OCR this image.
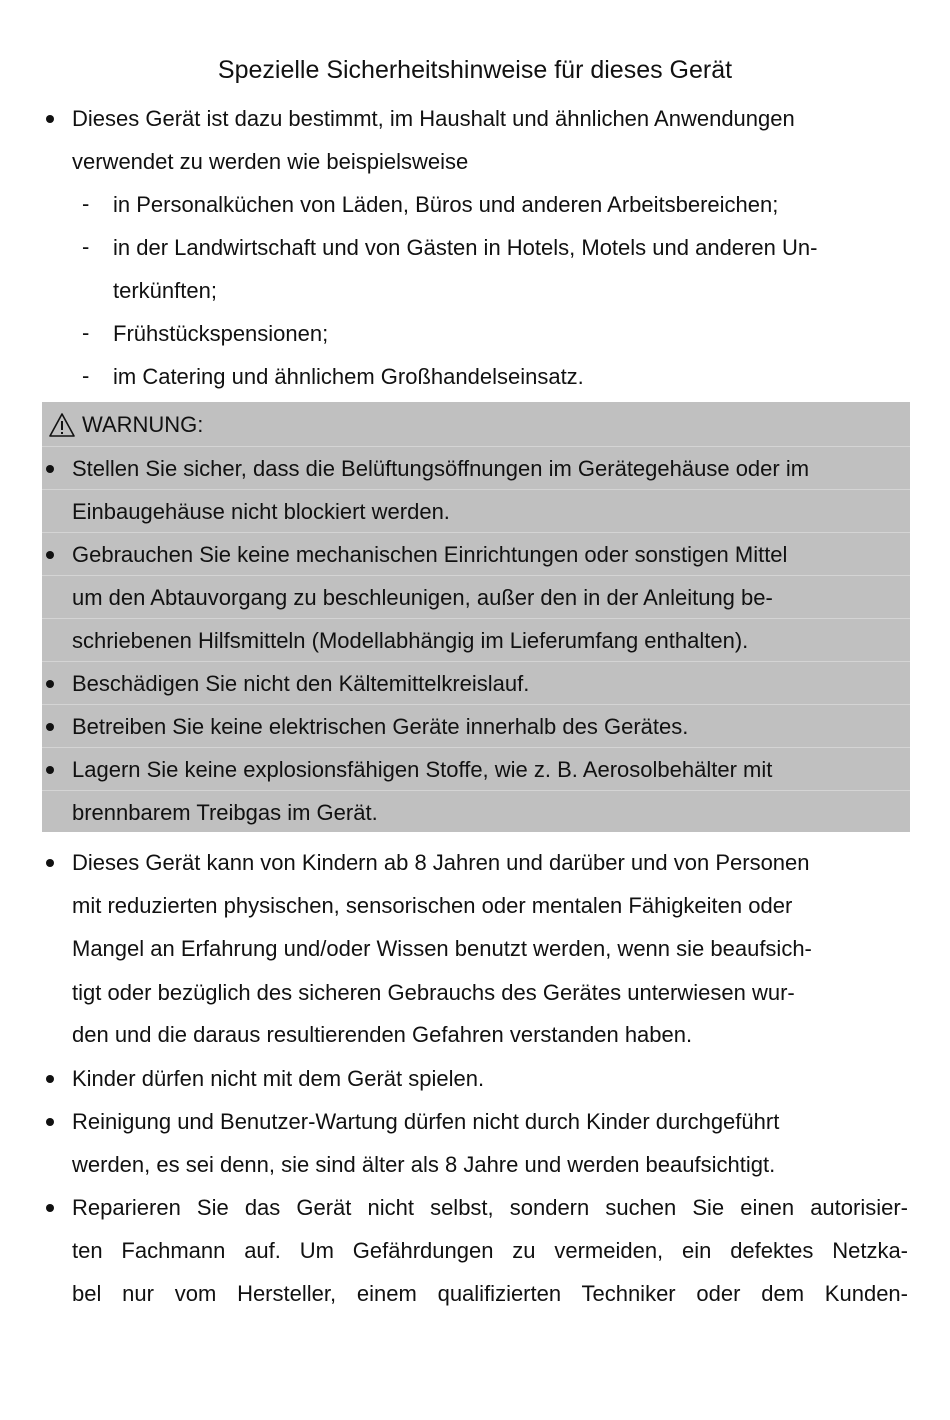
Spezielle Sicherheitshinweise für dieses Gerät
Dieses Gerät ist dazu bestimmt, im Haushalt und ähnlichen Anwendungen
verwendet zu werden wie beispielsweise
- in Personalküchen von Läden, Büros und anderen Arbeitsbereichen;
- in der Landwirtschaft und von Gästen in Hotels, Motels und anderen Un-
terkünften;
- Frühstückspensionen;
- im Catering und ähnlichem Großhandelseinsatz.
WARNUNG:
Stellen Sie sicher, dass die Belüftungsöffnungen im Gerätegehäuse oder im
Einbaugehäuse nicht blockiert werden.
Gebrauchen Sie keine mechanischen Einrichtungen oder sonstigen Mittel
um den Abtauvorgang zu beschleunigen, außer den in der Anleitung be-
schriebenen Hilfsmitteln (Modellabhängig im Lieferumfang enthalten).
Beschädigen Sie nicht den Kältemittelkreislauf.
Betreiben Sie keine elektrischen Geräte innerhalb des Gerätes.
Lagern Sie keine explosionsfähigen Stoffe, wie z. B. Aerosolbehälter mit
brennbarem Treibgas im Gerät.
Dieses Gerät kann von Kindern ab 8 Jahren und darüber und von Personen
mit reduzierten physischen, sensorischen oder mentalen Fähigkeiten oder
Mangel an Erfahrung und/oder Wissen benutzt werden, wenn sie beaufsich-
tigt oder bezüglich des sicheren Gebrauchs des Gerätes unterwiesen wur-
den und die daraus resultierenden Gefahren verstanden haben.
Kinder dürfen nicht mit dem Gerät spielen.
Reinigung und Benutzer-Wartung dürfen nicht durch Kinder durchgeführt
werden, es sei denn, sie sind älter als 8 Jahre und werden beaufsichtigt.
Reparieren Sie das Gerät nicht selbst, sondern suchen Sie einen autorisier-
ten Fachmann auf. Um Gefährdungen zu vermeiden, ein defektes Netzka-
bel nur vom Hersteller, einem qualifizierten Techniker oder dem Kunden-
